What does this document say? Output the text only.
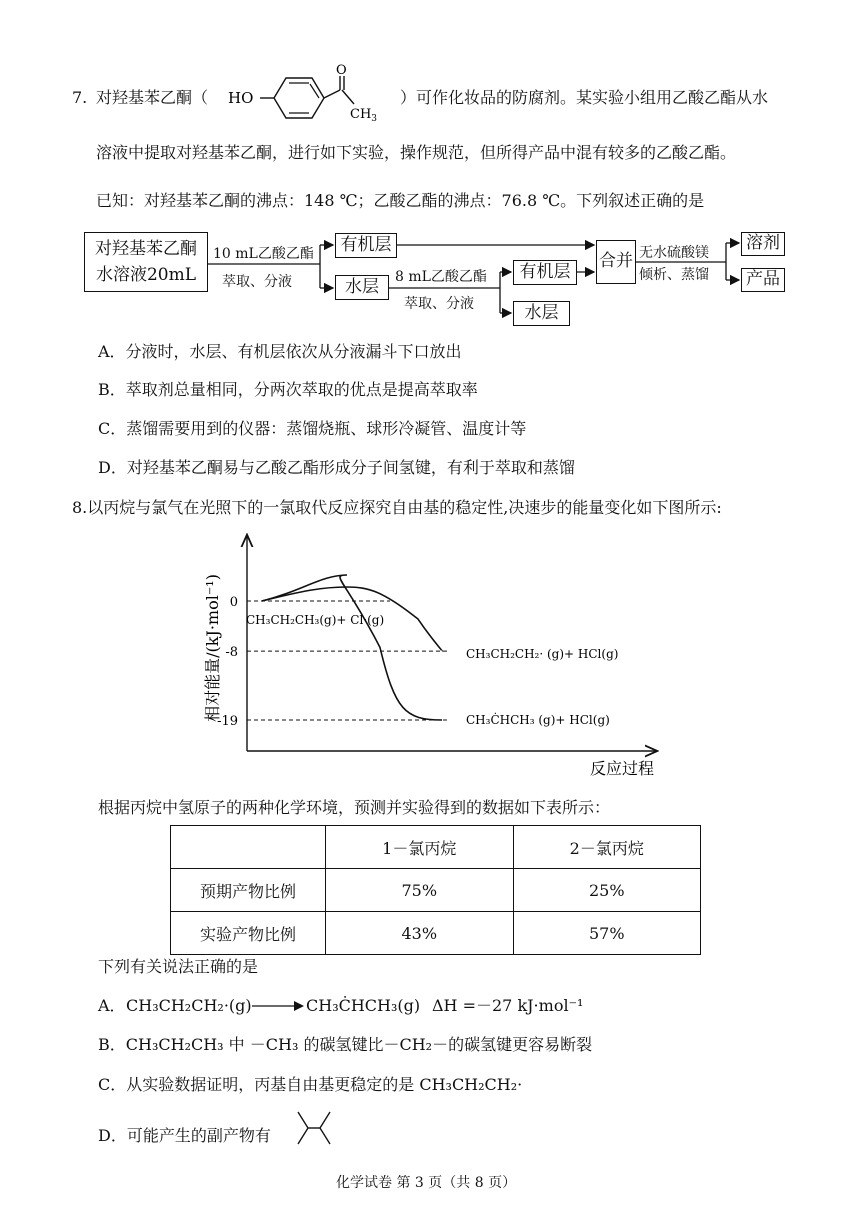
7. 对羟基苯乙酮（ HO
O
$CH_3$
）可作化妆品的防腐剂。某实验小组用乙酸乙酯从水
溶液中提取对羟基苯乙酮，进行如下实验，操作规范，但所得产品中混有较多的乙酸乙酯。
已知：对羟基苯乙酮的沸点：148 ℃；乙酸乙酯的沸点：76.8 ℃。下列叙述正确的是
对羟基苯乙酮
水溶液20mL
10 mL乙酸乙酯
萃取、分液
有机层
水层	8 mL乙酸乙酯
萃取、分液
有机层
水层
合并 无水硫酸镁
倾析、蒸馏
溶剂
产品
A．分液时，水层、有机层依次从分液漏斗下口放出
B．萃取剂总量相同，分两次萃取的优点是提高萃取率
C．蒸馏需要用到的仪器：蒸馏烧瓶、球形冷凝管、温度计等
D．对羟基苯乙酮易与乙酸乙酯形成分子间氢键，有利于萃取和蒸馏
8.以丙烷与氯气在光照下的一氯取代反应探究自由基的稳定性,决速步的能量变化如下图所示:
相对能量/(kJ·mol⁻¹) 0
-8
-19
CH₃CH₂CH₃(g)+ Cl·(g)
CH₃CH₂CH₂· (g)+ HCl(g)
CH₃ĊHCH₃ (g)+ HCl(g)
反应过程
根据丙烷中氢原子的两种化学环境，预测并实验得到的数据如下表所示：
	1－氯丙烷	2－氯丙烷
预期产物比例	75%	25%
实验产物比例	43%	57%
下列有关说法正确的是
A． CH₃CH₂CH₂·(g)	CH₃ĊHCH₃(g) ΔH =－27 kJ·mol⁻¹
B．CH₃CH₂CH₃ 中 －CH₃ 的碳氢键比－CH₂－的碳氢键更容易断裂
C．从实验数据证明，丙基自由基更稳定的是 CH₃CH₂CH₂·
D．可能产生的副产物有
化学试卷 第 3 页（共 8 页）
